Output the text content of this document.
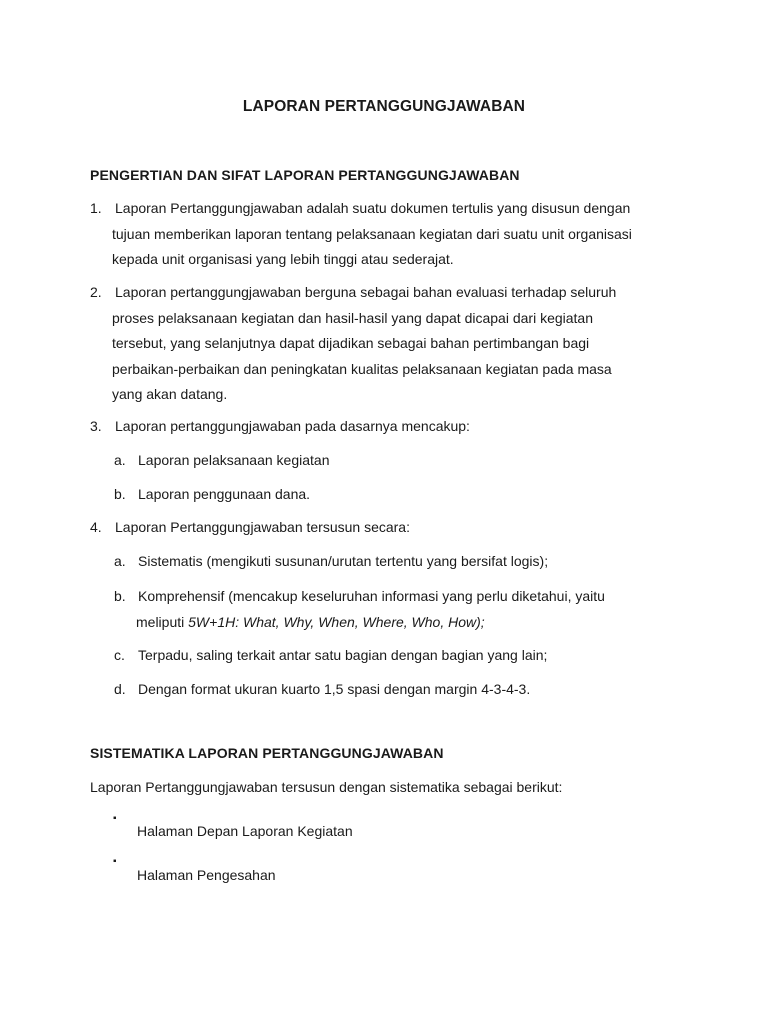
LAPORAN PERTANGGUNGJAWABAN
PENGERTIAN DAN SIFAT LAPORAN PERTANGGUNGJAWABAN
1. Laporan Pertanggungjawaban adalah suatu dokumen tertulis yang disusun dengan
tujuan memberikan laporan tentang pelaksanaan kegiatan dari suatu unit organisasi
kepada unit organisasi yang lebih tinggi atau sederajat.
2. Laporan pertanggungjawaban berguna sebagai bahan evaluasi terhadap seluruh
proses pelaksanaan kegiatan dan hasil-hasil yang dapat dicapai dari kegiatan
tersebut, yang selanjutnya dapat dijadikan sebagai bahan pertimbangan bagi
perbaikan-perbaikan dan peningkatan kualitas pelaksanaan kegiatan pada masa
yang akan datang.
3. Laporan pertanggungjawaban pada dasarnya mencakup:
a. Laporan pelaksanaan kegiatan
b. Laporan penggunaan dana.
4. Laporan Pertanggungjawaban tersusun secara:
a. Sistematis (mengikuti susunan/urutan tertentu yang bersifat logis);
b. Komprehensif (mencakup keseluruhan informasi yang perlu diketahui, yaitu
meliputi 5W+1H: What, Why, When, Where, Who, How);
c. Terpadu, saling terkait antar satu bagian dengan bagian yang lain;
d. Dengan format ukuran kuarto 1,5 spasi dengan margin 4-3-4-3.
SISTEMATIKA LAPORAN PERTANGGUNGJAWABAN
Laporan Pertanggungjawaban tersusun dengan sistematika sebagai berikut:
▪
Halaman Depan Laporan Kegiatan
▪
Halaman Pengesahan
